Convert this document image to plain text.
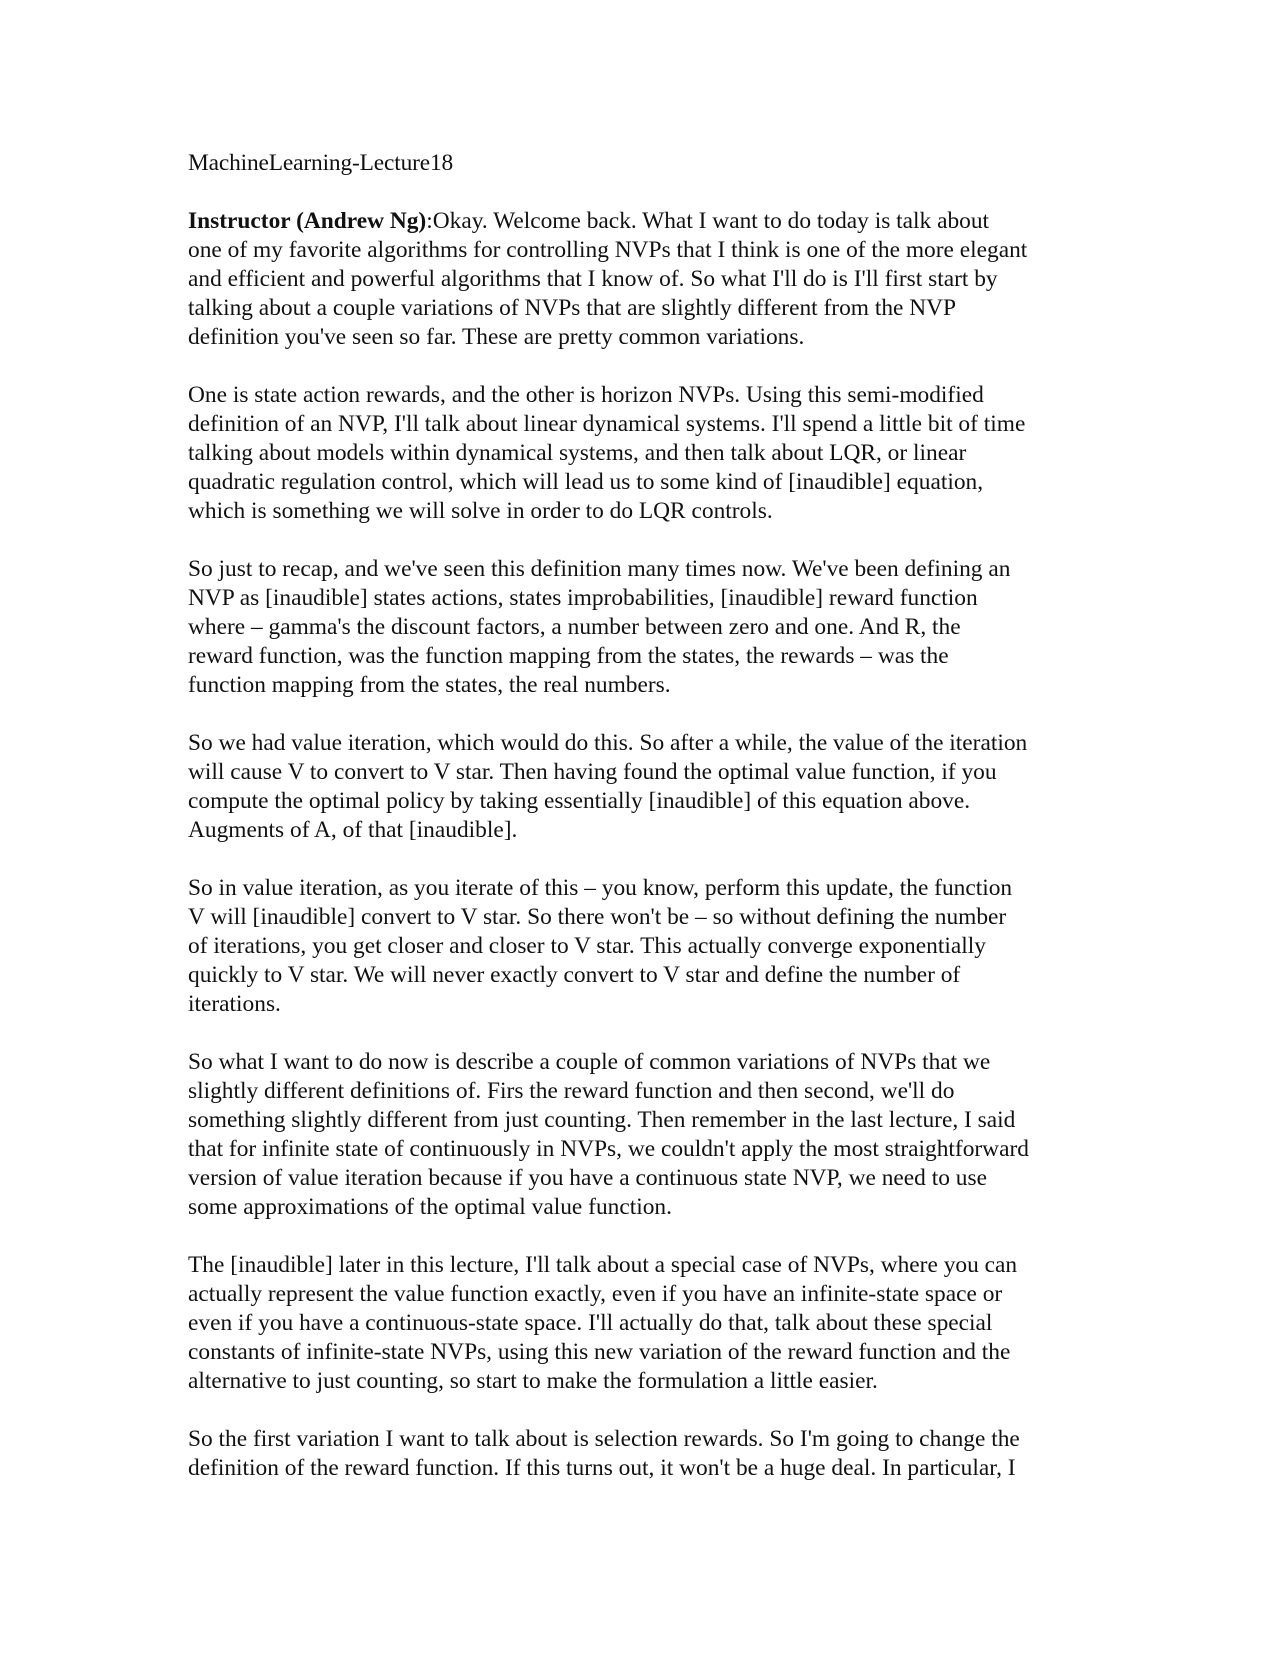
MachineLearning-Lecture18
Instructor (Andrew Ng):Okay. Welcome back. What I want to do today is talk about
one of my favorite algorithms for controlling NVPs that I think is one of the more elegant
and efficient and powerful algorithms that I know of. So what I'll do is I'll first start by
talking about a couple variations of NVPs that are slightly different from the NVP
definition you've seen so far. These are pretty common variations.
One is state action rewards, and the other is horizon NVPs. Using this semi-modified
definition of an NVP, I'll talk about linear dynamical systems. I'll spend a little bit of time
talking about models within dynamical systems, and then talk about LQR, or linear
quadratic regulation control, which will lead us to some kind of [inaudible] equation,
which is something we will solve in order to do LQR controls.
So just to recap, and we've seen this definition many times now. We've been defining an
NVP as [inaudible] states actions, states improbabilities, [inaudible] reward function
where – gamma's the discount factors, a number between zero and one. And R, the
reward function, was the function mapping from the states, the rewards – was the
function mapping from the states, the real numbers.
So we had value iteration, which would do this. So after a while, the value of the iteration
will cause V to convert to V star. Then having found the optimal value function, if you
compute the optimal policy by taking essentially [inaudible] of this equation above.
Augments of A, of that [inaudible].
So in value iteration, as you iterate of this – you know, perform this update, the function
V will [inaudible] convert to V star. So there won't be – so without defining the number
of iterations, you get closer and closer to V star. This actually converge exponentially
quickly to V star. We will never exactly convert to V star and define the number of
iterations.
So what I want to do now is describe a couple of common variations of NVPs that we
slightly different definitions of. Firs the reward function and then second, we'll do
something slightly different from just counting. Then remember in the last lecture, I said
that for infinite state of continuously in NVPs, we couldn't apply the most straightforward
version of value iteration because if you have a continuous state NVP, we need to use
some approximations of the optimal value function.
The [inaudible] later in this lecture, I'll talk about a special case of NVPs, where you can
actually represent the value function exactly, even if you have an infinite-state space or
even if you have a continuous-state space. I'll actually do that, talk about these special
constants of infinite-state NVPs, using this new variation of the reward function and the
alternative to just counting, so start to make the formulation a little easier.
So the first variation I want to talk about is selection rewards. So I'm going to change the
definition of the reward function. If this turns out, it won't be a huge deal. In particular, I
